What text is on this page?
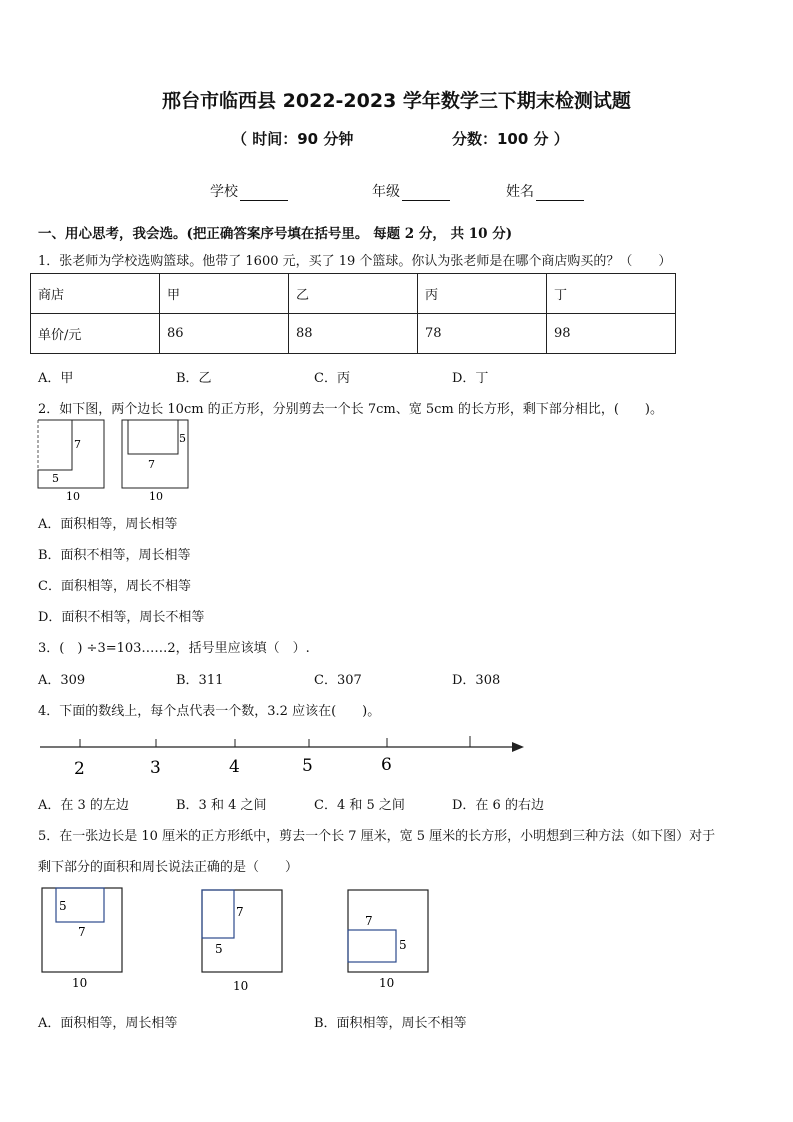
邢台市临西县 2022-2023 学年数学三下期末检测试题
（ 时间：90 分钟	分数：100 分 ）
学校	年级	姓名
一、用心思考，我会选。(把正确答案序号填在括号里。 每题 2 分， 共 10 分)
1．张老师为学校选购篮球。他带了 1600 元，买了 19 个篮球。你认为张老师是在哪个商店购买的？（　　）
商店	甲	乙	丙	丁
单价/元	86	88	78	98
A．甲	B．乙	C．丙	D．丁
2．如下图，两个边长 10cm 的正方形，分别剪去一个长 7cm、宽 5cm 的长方形，剩下部分相比，(　　)。
7
5
10
5
7
10
A．面积相等，周长相等
B．面积不相等，周长相等
C．面积相等，周长不相等
D．面积不相等，周长不相等
3．(　) ÷3=103……2，括号里应该填（　）.
A．309	B．311	C．307	D．308
4．下面的数线上，每个点代表一个数，3.2 应该在(　　)。
2	3	4	5	6
A．在 3 的左边	B．3 和 4 之间	C．4 和 5 之间	D．在 6 的右边
5．在一张边长是 10 厘米的正方形纸中，剪去一个长 7 厘米，宽 5 厘米的长方形，小明想到三种方法（如下图）对于
剩下部分的面积和周长说法正确的是（　　）
5
7
10
7
5
10
7
5
10
A．面积相等，周长相等	B．面积相等，周长不相等
